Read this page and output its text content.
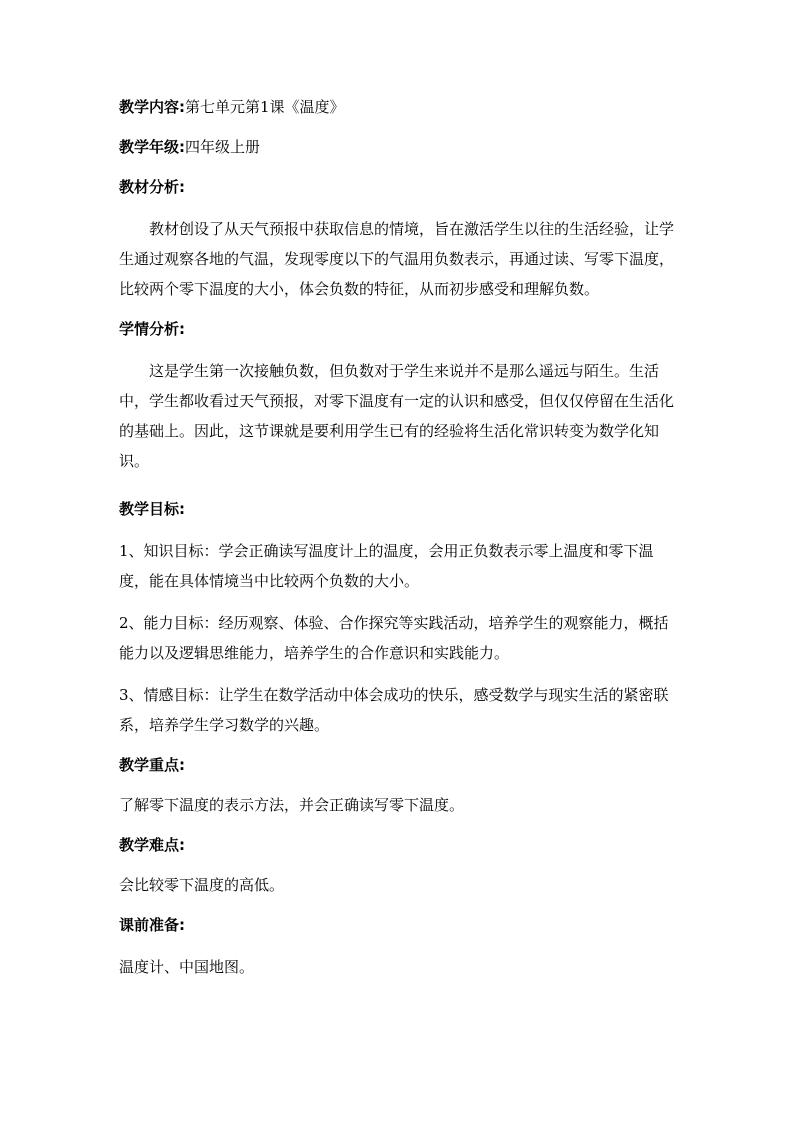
教学内容:第七单元第1课《温度》
教学年级:四年级上册
教材分析:
教材创设了从天气预报中获取信息的情境，旨在激活学生以往的生活经验，让学生通过观察各地的气温，发现零度以下的气温用负数表示，再通过读、写零下温度，比较两个零下温度的大小，体会负数的特征，从而初步感受和理解负数。
学情分析:
这是学生第一次接触负数，但负数对于学生来说并不是那么遥远与陌生。生活中，学生都收看过天气预报，对零下温度有一定的认识和感受，但仅仅停留在生活化的基础上。因此，这节课就是要利用学生已有的经验将生活化常识转变为数学化知识。
教学目标:
1、知识目标：学会正确读写温度计上的温度，会用正负数表示零上温度和零下温度，能在具体情境当中比较两个负数的大小。
2、能力目标：经历观察、体验、合作探究等实践活动，培养学生的观察能力，概括能力以及逻辑思维能力，培养学生的合作意识和实践能力。
3、情感目标：让学生在数学活动中体会成功的快乐，感受数学与现实生活的紧密联系，培养学生学习数学的兴趣。
教学重点:
了解零下温度的表示方法，并会正确读写零下温度。
教学难点:
会比较零下温度的高低。
课前准备:
温度计、中国地图。
